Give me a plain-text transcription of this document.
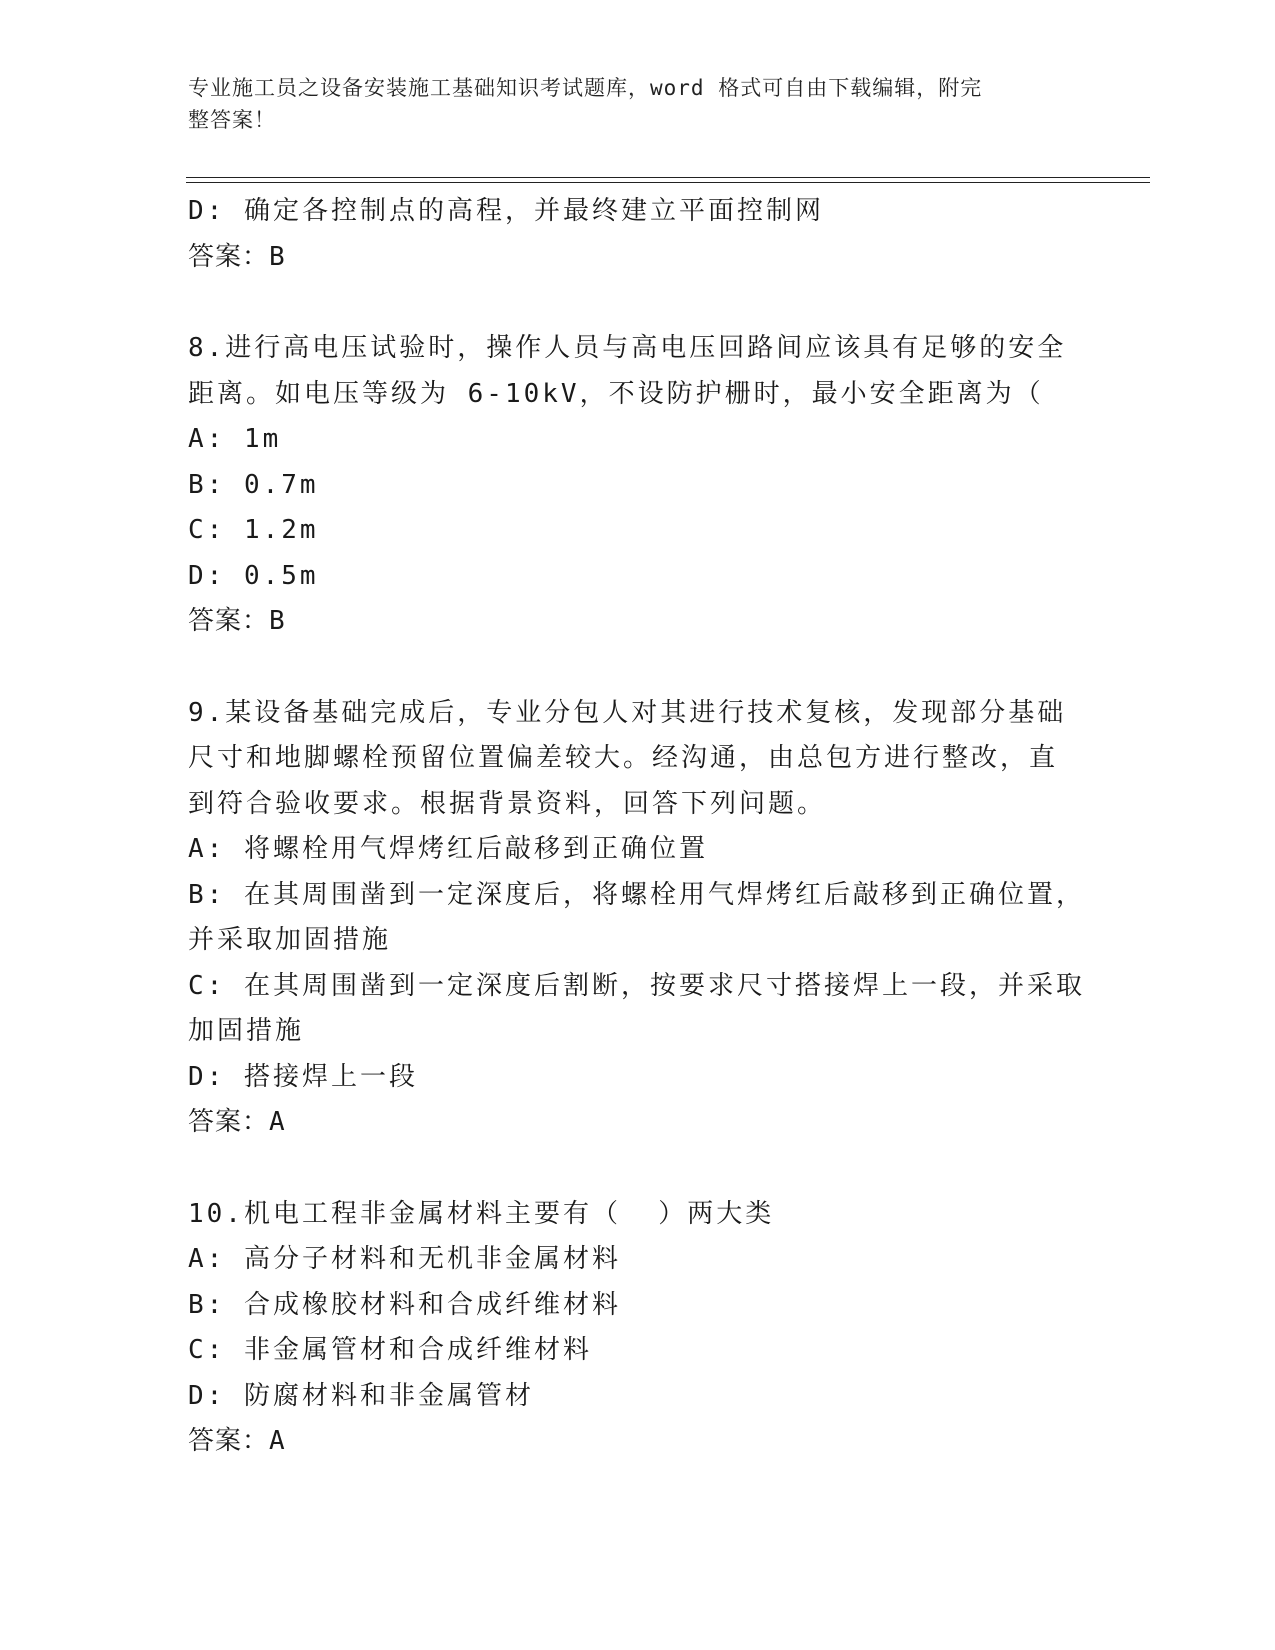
专业施工员之设备安装施工基础知识考试题库，word 格式可自由下载编辑，附完
整答案！
D: 确定各控制点的高程，并最终建立平面控制网
答案：B
8.进行高电压试验时，操作人员与高电压回路间应该具有足够的安全
距离。如电压等级为 6-10kV，不设防护栅时，最小安全距离为（
A: 1m
B: 0.7m
C: 1.2m
D: 0.5m
答案：B
9.某设备基础完成后，专业分包人对其进行技术复核，发现部分基础
尺寸和地脚螺栓预留位置偏差较大。经沟通，由总包方进行整改，直
到符合验收要求。根据背景资料，回答下列问题。
A: 将螺栓用气焊烤红后敲移到正确位置
B: 在其周围凿到一定深度后，将螺栓用气焊烤红后敲移到正确位置，
并采取加固措施
C: 在其周围凿到一定深度后割断，按要求尺寸搭接焊上一段，并采取
加固措施
D: 搭接焊上一段
答案：A
10.机电工程非金属材料主要有（  ）两大类
A: 高分子材料和无机非金属材料
B: 合成橡胶材料和合成纤维材料
C: 非金属管材和合成纤维材料
D: 防腐材料和非金属管材
答案：A
